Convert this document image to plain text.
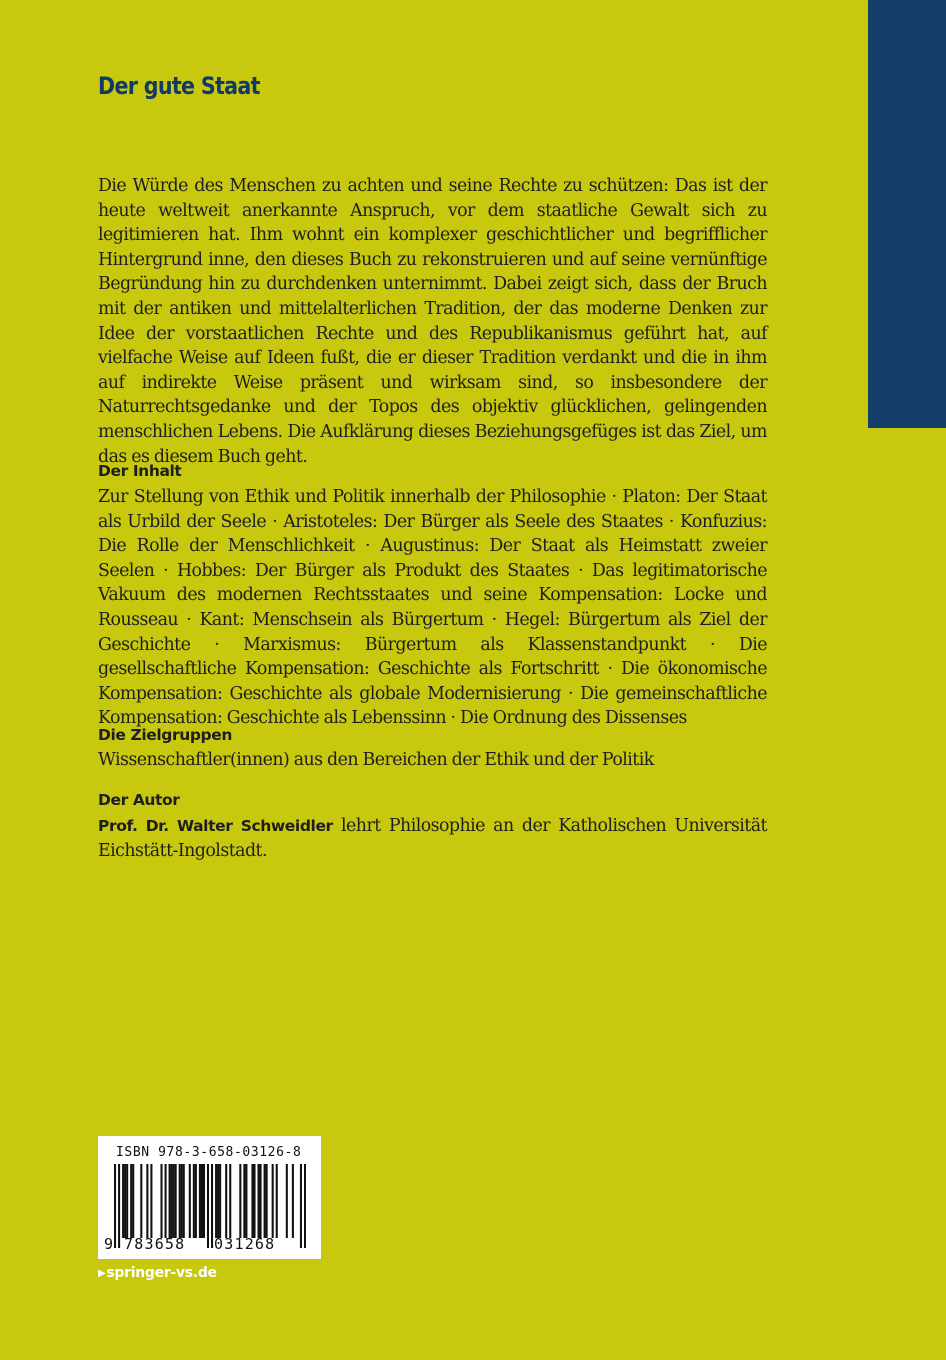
Der gute Staat
Die Würde des Menschen zu achten und seine Rechte zu schützen: Das ist der heute weltweit anerkannte Anspruch, vor dem staatliche Gewalt sich zu legitimieren hat. Ihm wohnt ein komplexer geschichtlicher und begrifflicher Hintergrund inne, den dieses Buch zu rekonstruieren und auf seine vernünftige Begründung hin zu durchdenken unternimmt. Dabei zeigt sich, dass der Bruch mit der antiken und mittelalterlichen Tradition, der das moderne Denken zur Idee der vorstaatlichen Rechte und des Republikanismus geführt hat, auf vielfache Weise auf Ideen fußt, die er dieser Tradition verdankt und die in ihm auf indirekte Weise präsent und wirksam sind, so insbesondere der Naturrechtsgedanke und der Topos des objektiv glücklichen, gelingenden menschlichen Lebens. Die Aufklärung dieses Beziehungsgefüges ist das Ziel, um das es diesem Buch geht.
Der Inhalt
Zur Stellung von Ethik und Politik innerhalb der Philosophie · Platon: Der Staat als Urbild der Seele · Aristoteles: Der Bürger als Seele des Staates · Konfuzius: Die Rolle der Menschlichkeit · Augustinus: Der Staat als Heimstatt zweier Seelen · Hobbes: Der Bürger als Produkt des Staates · Das legitimatorische Vakuum des modernen Rechtsstaates und seine Kompensation: Locke und Rousseau · Kant: Menschsein als Bürgertum · Hegel: Bürgertum als Ziel der Geschichte · Marxismus: Bürgertum als Klassenstandpunkt · Die gesellschaftliche Kompensation: Geschichte als Fortschritt · Die ökonomische Kompensation: Geschichte als globale Modernisierung · Die gemeinschaftliche Kompensation: Geschichte als Lebenssinn · Die Ordnung des Dissenses
Die Zielgruppen
Wissenschaftler(innen) aus den Bereichen der Ethik und der Politik
Der Autor
Prof. Dr. Walter Schweidler lehrt Philosophie an der Katholischen Universität Eichstätt-Ingolstadt.
ISBN 978-3-658-03126-8
9 783658 031268
▶springer-vs.de
